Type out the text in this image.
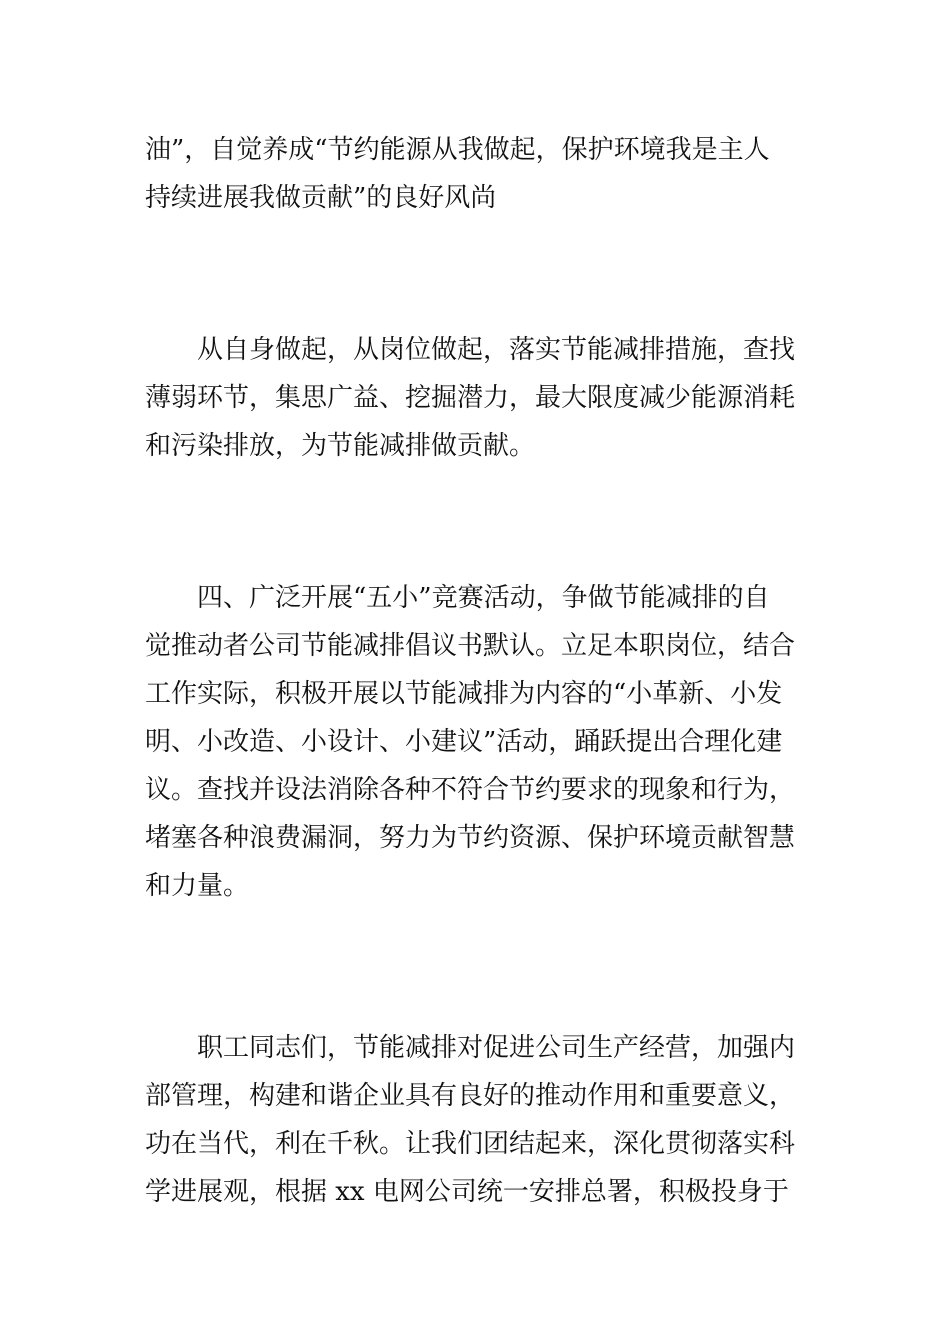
油”，自觉养成“节约能源从我做起，保护环境我是主人
持续进展我做贡献”的良好风尚
从自身做起，从岗位做起，落实节能减排措施，查找
薄弱环节，集思广益、挖掘潜力，最大限度减少能源消耗
和污染排放，为节能减排做贡献。
四、广泛开展“五小”竞赛活动，争做节能减排的自
觉推动者公司节能减排倡议书默认。立足本职岗位，结合
工作实际，积极开展以节能减排为内容的“小革新、小发
明、小改造、小设计、小建议”活动，踊跃提出合理化建
议。查找并设法消除各种不符合节约要求的现象和行为，
堵塞各种浪费漏洞，努力为节约资源、保护环境贡献智慧
和力量。
职工同志们，节能减排对促进公司生产经营，加强内
部管理，构建和谐企业具有良好的推动作用和重要意义，
功在当代，利在千秋。让我们团结起来，深化贯彻落实科
学进展观，根据 xx 电网公司统一安排总署，积极投身于
